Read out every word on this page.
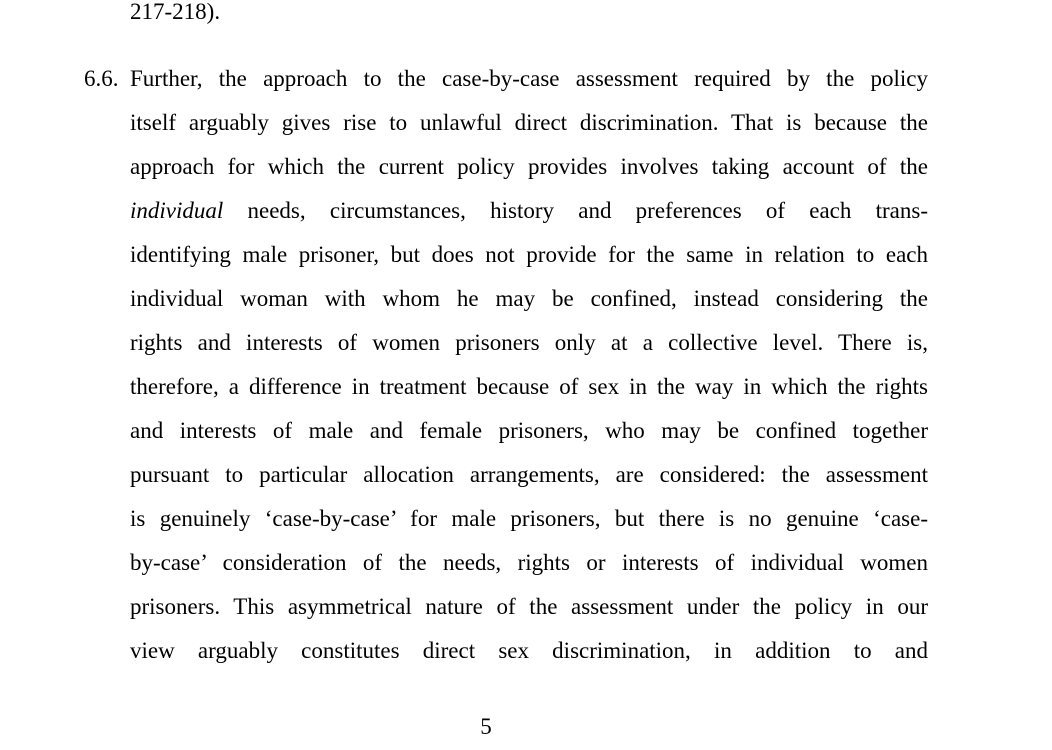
217-218).
6.6. Further, the approach to the case-by-case assessment required by the policy
itself arguably gives rise to unlawful direct discrimination. That is because the
approach for which the current policy provides involves taking account of the
individual needs, circumstances, history and preferences of each trans-
identifying male prisoner, but does not provide for the same in relation to each
individual woman with whom he may be confined, instead considering the
rights and interests of women prisoners only at a collective level. There is,
therefore, a difference in treatment because of sex in the way in which the rights
and interests of male and female prisoners, who may be confined together
pursuant to particular allocation arrangements, are considered: the assessment
is genuinely ‘case-by-case’ for male prisoners, but there is no genuine ‘case-
by-case’ consideration of the needs, rights or interests of individual women
prisoners. This asymmetrical nature of the assessment under the policy in our
view arguably constitutes direct sex discrimination, in addition to and
5
